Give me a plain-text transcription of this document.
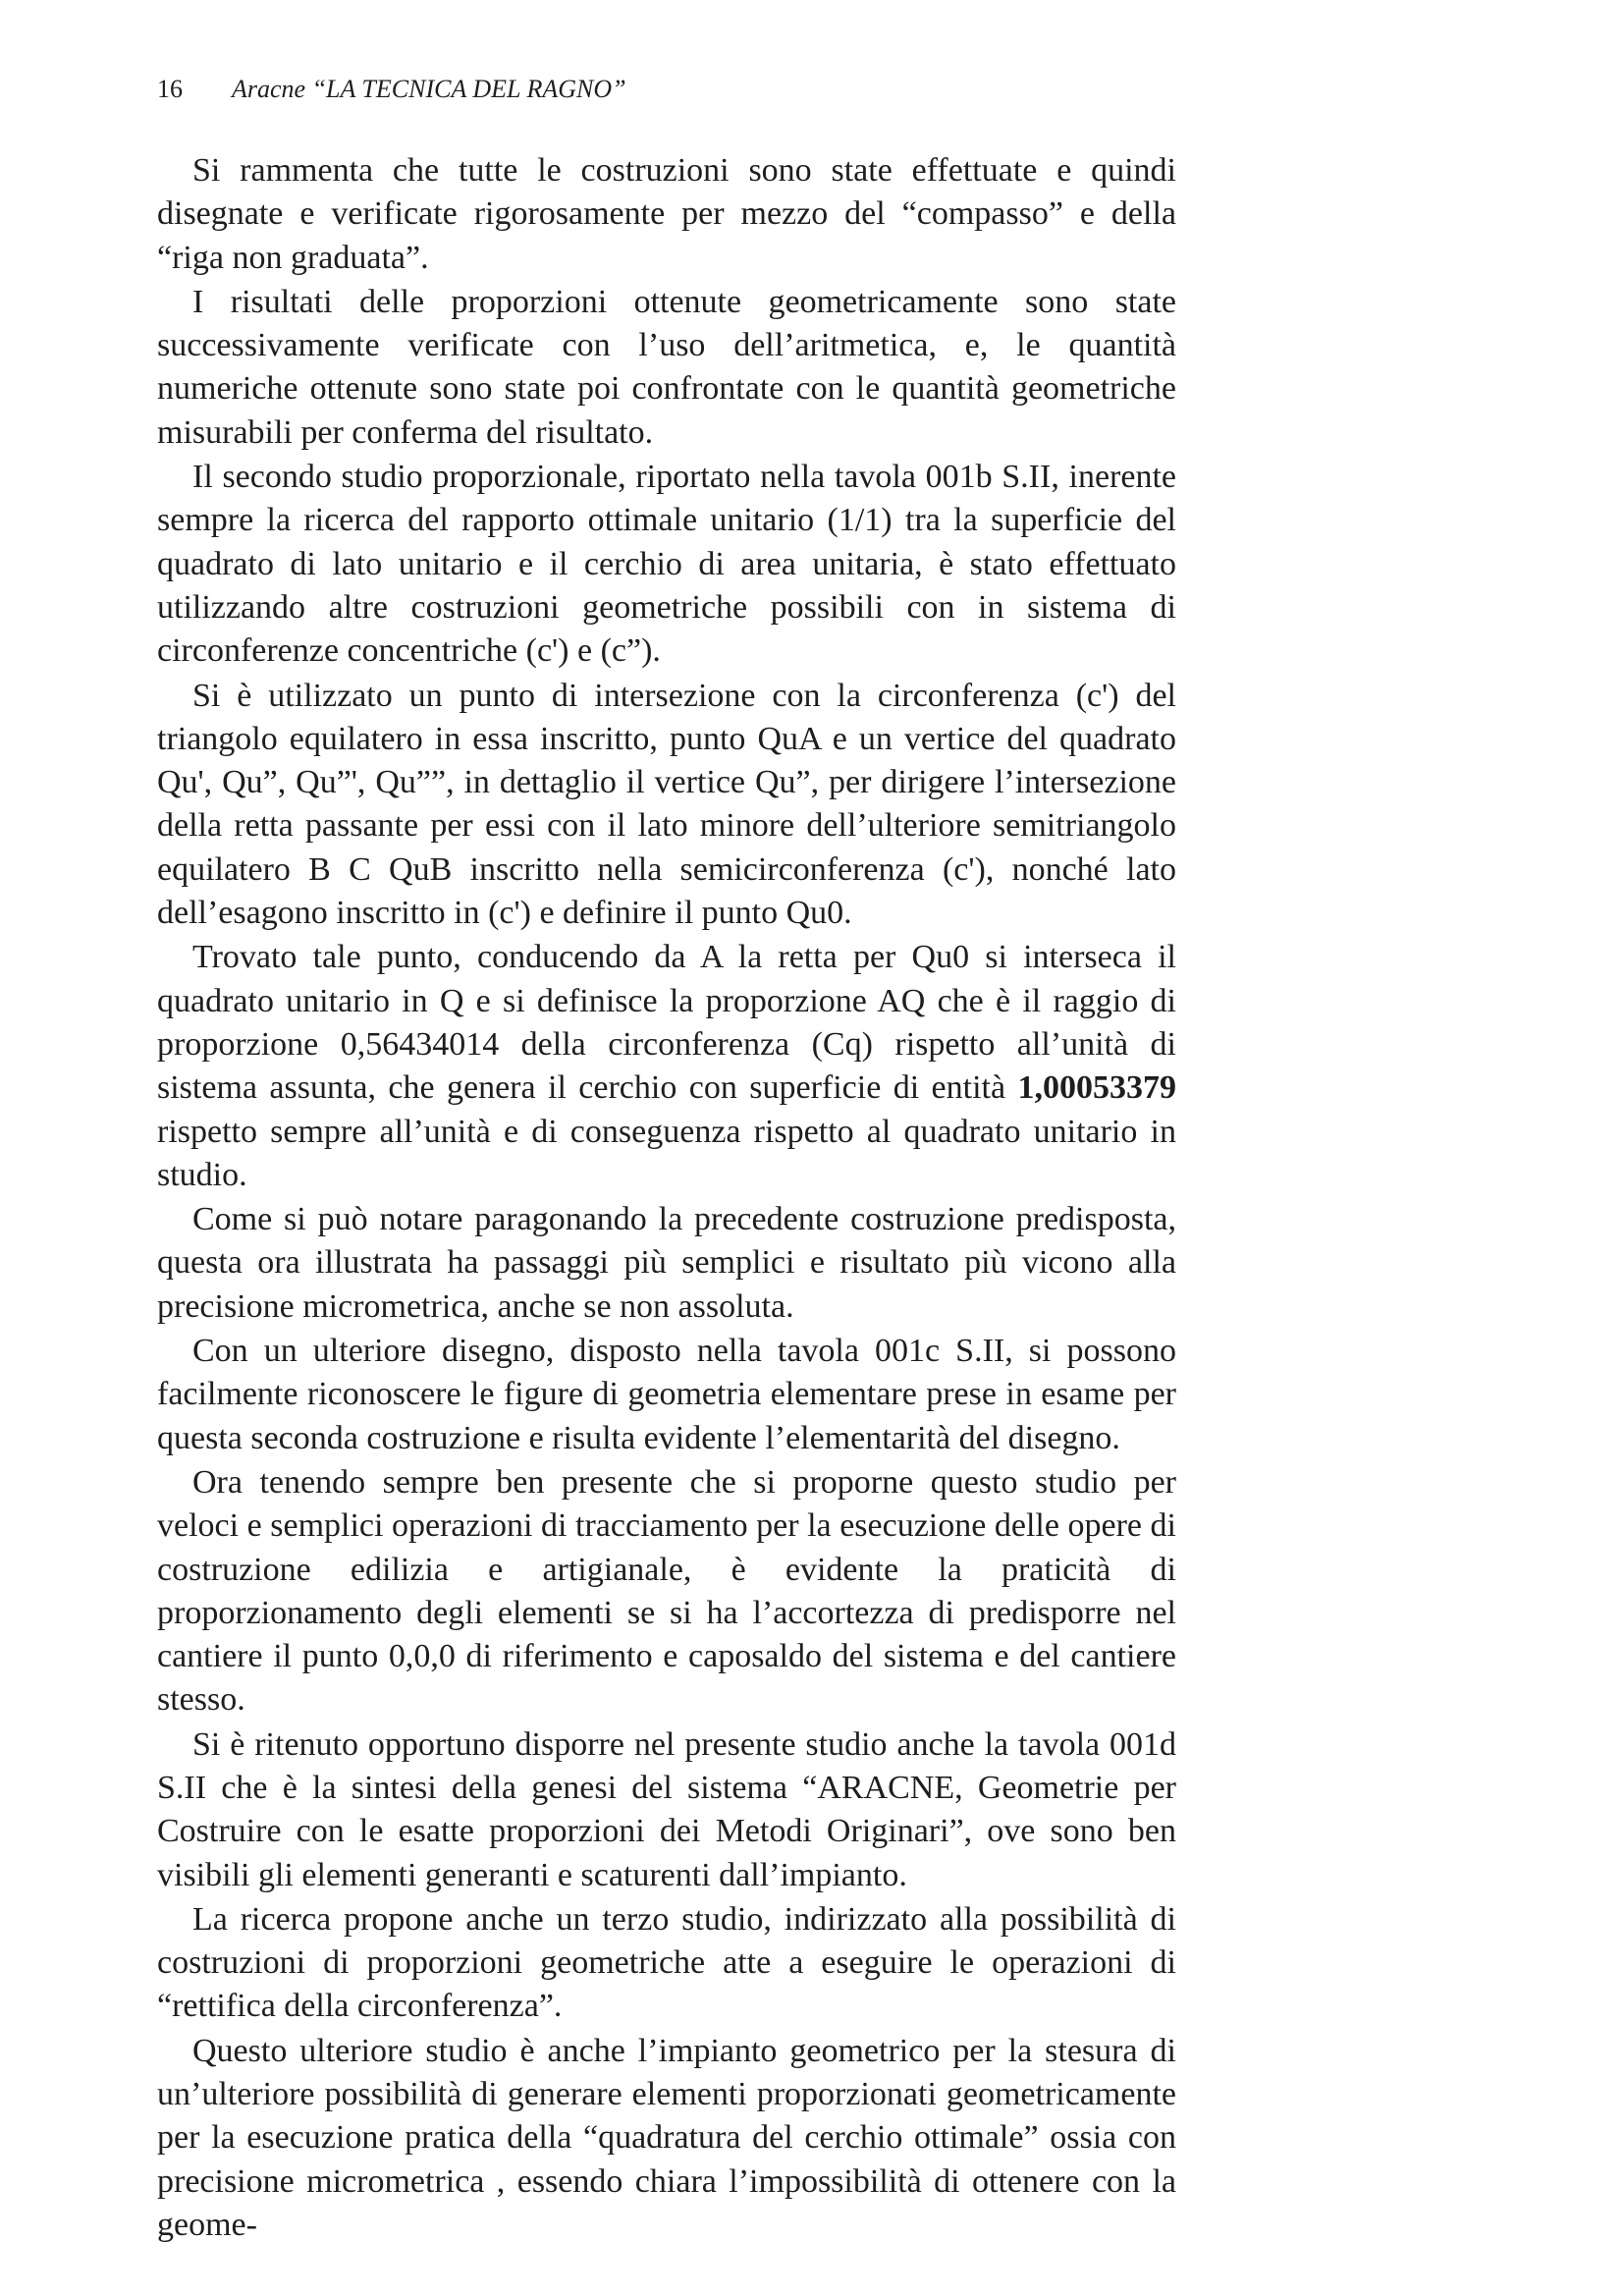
16 Aracne “LA TECNICA DEL RAGNO”

Si rammenta che tutte le costruzioni sono state effettuate e quindi disegnate e verificate rigorosamente per mezzo del “compasso” e della “riga non graduata”.

I risultati delle proporzioni ottenute geometricamente sono state successivamente verificate con l’uso dell’aritmetica, e, le quantità numeriche ottenute sono state poi confrontate con le quantità geometriche misurabili per conferma del risultato.

Il secondo studio proporzionale, riportato nella tavola 001b S.II, inerente sempre la ricerca del rapporto ottimale unitario (1/1) tra la superficie del quadrato di lato unitario e il cerchio di area unitaria, è stato effettuato utilizzando altre costruzioni geometriche possibili con in sistema di circonferenze concentriche (c') e (c”).

Si è utilizzato un punto di intersezione con la circonferenza (c') del triangolo equilatero in essa inscritto, punto QuA e un vertice del quadrato Qu', Qu”, Qu”', Qu””, in dettaglio il vertice Qu”, per dirigere l’intersezione della retta passante per essi con il lato minore dell’ulteriore semitriangolo equilatero B C QuB inscritto nella semicirconferenza (c'), nonché lato dell’esagono inscritto in (c') e definire il punto Qu0.

Trovato tale punto, conducendo da A la retta per Qu0 si interseca il quadrato unitario in Q e si definisce la proporzione AQ che è il raggio di proporzione 0,56434014 della circonferenza (Cq) rispetto all’unità di sistema assunta, che genera il cerchio con superficie di entità 1,00053379 rispetto sempre all’unità e di conseguenza rispetto al quadrato unitario in studio.

Come si può notare paragonando la precedente costruzione predisposta, questa ora illustrata ha passaggi più semplici e risultato più vicono alla precisione micrometrica, anche se non assoluta.

Con un ulteriore disegno, disposto nella tavola 001c S.II, si possono facilmente riconoscere le figure di geometria elementare prese in esame per questa seconda costruzione e risulta evidente l’elementarità del disegno.

Ora tenendo sempre ben presente che si proporne questo studio per veloci e semplici operazioni di tracciamento per la esecuzione delle opere di costruzione edilizia e artigianale, è evidente la praticità di proporzionamento degli elementi se si ha l’accortezza di predisporre nel cantiere il punto 0,0,0 di riferimento e caposaldo del sistema e del cantiere stesso.

Si è ritenuto opportuno disporre nel presente studio anche la tavola 001d S.II che è la sintesi della genesi del sistema “ARACNE, Geometrie per Costruire con le esatte proporzioni dei Metodi Originari”, ove sono ben visibili gli elementi generanti e scaturenti dall’impianto.

La ricerca propone anche un terzo studio, indirizzato alla possibilità di costruzioni di proporzioni geometriche atte a eseguire le operazioni di “rettifica della circonferenza”.

Questo ulteriore studio è anche l’impianto geometrico per la stesura di un’ulteriore possibilità di generare elementi proporzionati geometricamente per la esecuzione pratica della “quadratura del cerchio ottimale” ossia con precisione micrometrica , essendo chiara l’impossibilità di ottenere con la geome-
